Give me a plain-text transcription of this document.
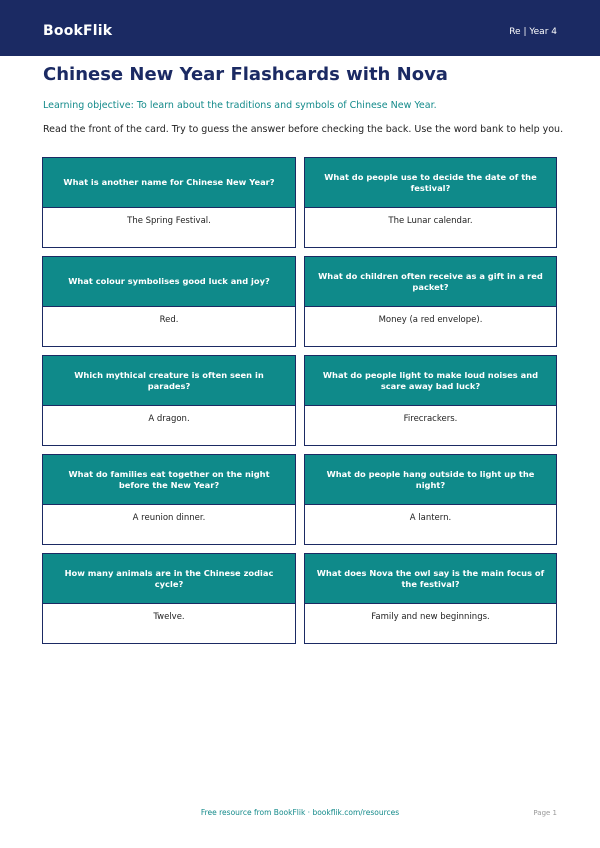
BookFlik	Re | Year 4
Chinese New Year Flashcards with Nova
Learning objective: To learn about the traditions and symbols of Chinese New Year.
Read the front of the card. Try to guess the answer before checking the back. Use the word bank to help you.
What is another name for Chinese New Year?
The Spring Festival.
What do people use to decide the date of the festival?
The Lunar calendar.
What colour symbolises good luck and joy?
Red.
What do children often receive as a gift in a red packet?
Money (a red envelope).
Which mythical creature is often seen in parades?
A dragon.
What do people light to make loud noises and scare away bad luck?
Firecrackers.
What do families eat together on the night before the New Year?
A reunion dinner.
What do people hang outside to light up the night?
A lantern.
How many animals are in the Chinese zodiac cycle?
Twelve.
What does Nova the owl say is the main focus of the festival?
Family and new beginnings.
Free resource from BookFlik · bookflik.com/resources	Page 1
